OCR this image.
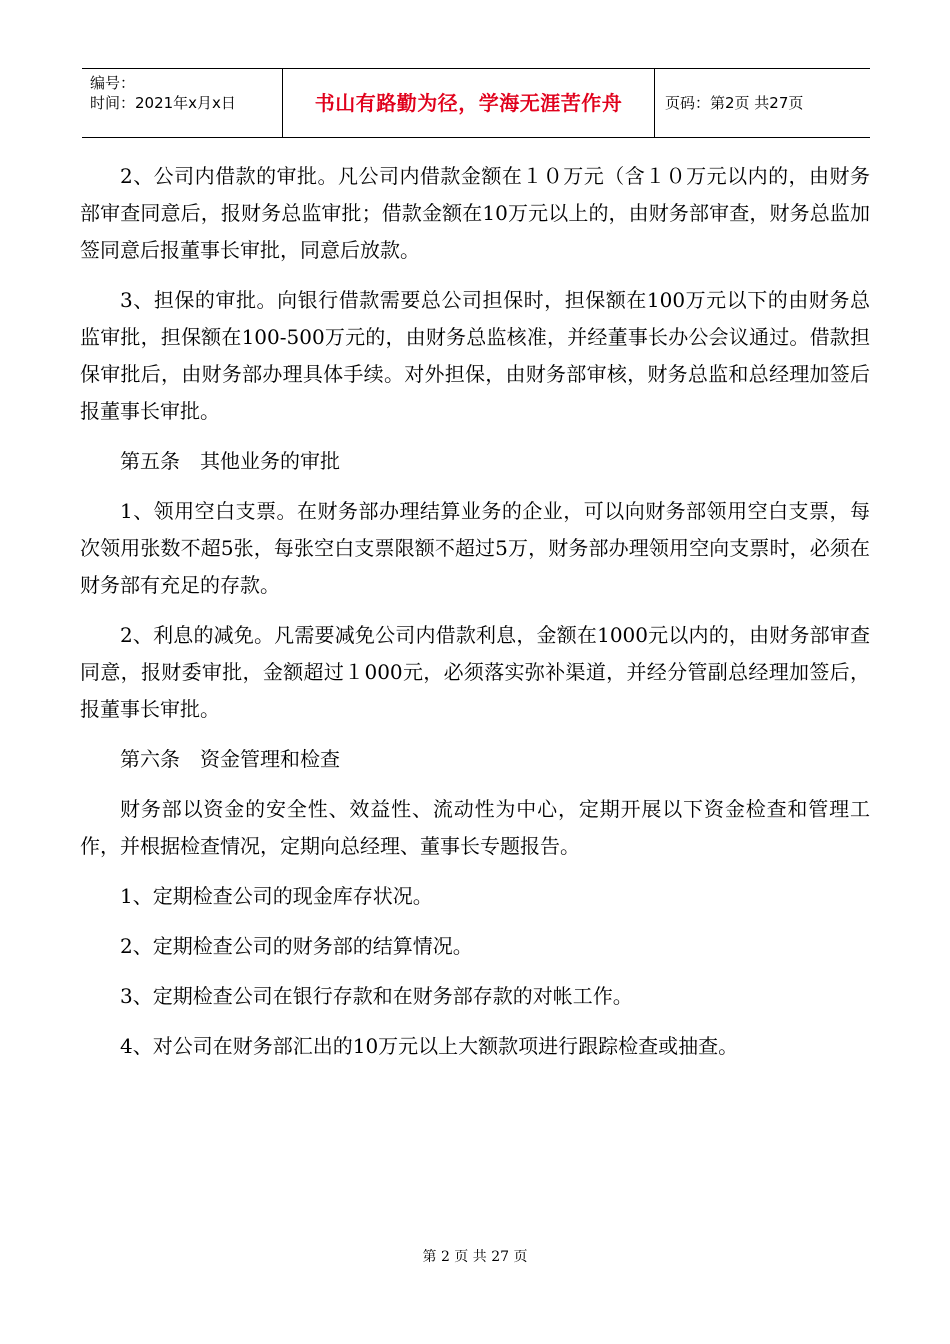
编号：
时间：2021年x月x日	书山有路勤为径，学海无涯苦作舟	页码：第2页 共27页

2、公司内借款的审批。凡公司内借款金额在１０万元（含１０万元以内的，由财务部审查同意后，报财务总监审批；借款金额在10万元以上的，由财务部审查，财务总监加签同意后报董事长审批，同意后放款。

3、担保的审批。向银行借款需要总公司担保时，担保额在100万元以下的由财务总监审批，担保额在100-500万元的，由财务总监核准，并经董事长办公会议通过。借款担保审批后，由财务部办理具体手续。对外担保，由财务部审核，财务总监和总经理加签后报董事长审批。

第五条　其他业务的审批

1、领用空白支票。在财务部办理结算业务的企业，可以向财务部领用空白支票，每次领用张数不超5张，每张空白支票限额不超过5万，财务部办理领用空向支票时，必须在财务部有充足的存款。

2、利息的减免。凡需要减免公司内借款利息，金额在1000元以内的，由财务部审查同意，报财委审批，金额超过１000元，必须落实弥补渠道，并经分管副总经理加签后，报董事长审批。

第六条　资金管理和检查

财务部以资金的安全性、效益性、流动性为中心，定期开展以下资金检查和管理工作，并根据检查情况，定期向总经理、董事长专题报告。

1、定期检查公司的现金库存状况。

2、定期检查公司的财务部的结算情况。

3、定期检查公司在银行存款和在财务部存款的对帐工作。

4、对公司在财务部汇出的10万元以上大额款项进行跟踪检查或抽查。

第 2 页 共 27 页
